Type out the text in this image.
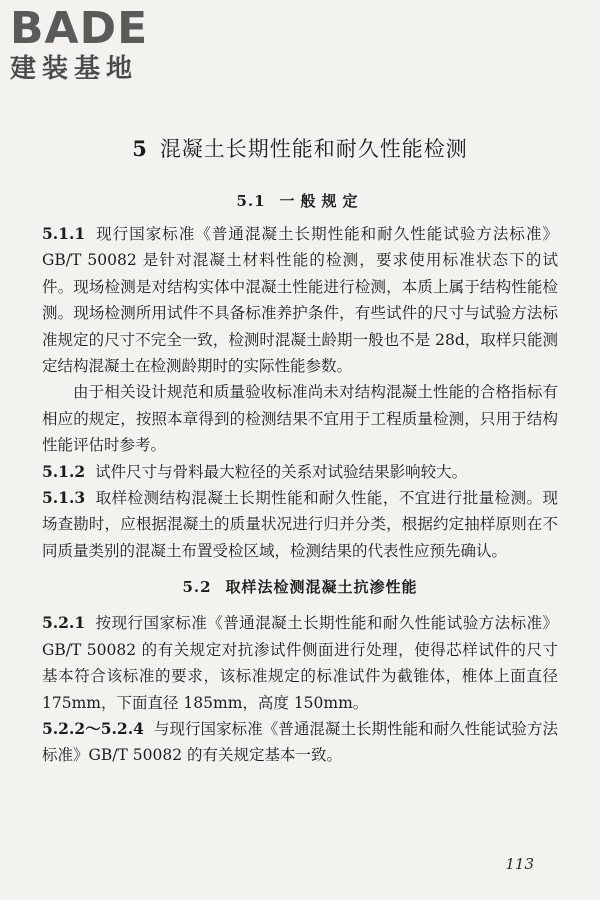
BADE
建装基地
5 混凝土长期性能和耐久性能检测
5.1 一般规定

5.1.1 现行国家标准《普通混凝土长期性能和耐久性能试验方法标准》GB/T 50082 是针对混凝土材料性能的检测，要求使用标准状态下的试件。现场检测是对结构实体中混凝土性能进行检测，本质上属于结构性能检测。现场检测所用试件不具备标准养护条件，有些试件的尺寸与试验方法标准规定的尺寸不完全一致，检测时混凝土龄期一般也不是 28d，取样只能测定结构混凝土在检测龄期时的实际性能参数。

由于相关设计规范和质量验收标准尚未对结构混凝土性能的合格指标有相应的规定，按照本章得到的检测结果不宜用于工程质量检测，只用于结构性能评估时参考。

5.1.2 试件尺寸与骨料最大粒径的关系对试验结果影响较大。

5.1.3 取样检测结构混凝土长期性能和耐久性能，不宜进行批量检测。现场查勘时，应根据混凝土的质量状况进行归并分类，根据约定抽样原则在不同质量类别的混凝土布置受检区域，检测结果的代表性应预先确认。

5.2 取样法检测混凝土抗渗性能

5.2.1 按现行国家标准《普通混凝土长期性能和耐久性能试验方法标准》GB/T 50082 的有关规定对抗渗试件侧面进行处理，使得芯样试件的尺寸基本符合该标准的要求，该标准规定的标准试件为截锥体，椎体上面直径 175mm，下面直径 185mm，高度 150mm。

5.2.2～5.2.4 与现行国家标准《普通混凝土长期性能和耐久性能试验方法标准》GB/T 50082 的有关规定基本一致。

113
